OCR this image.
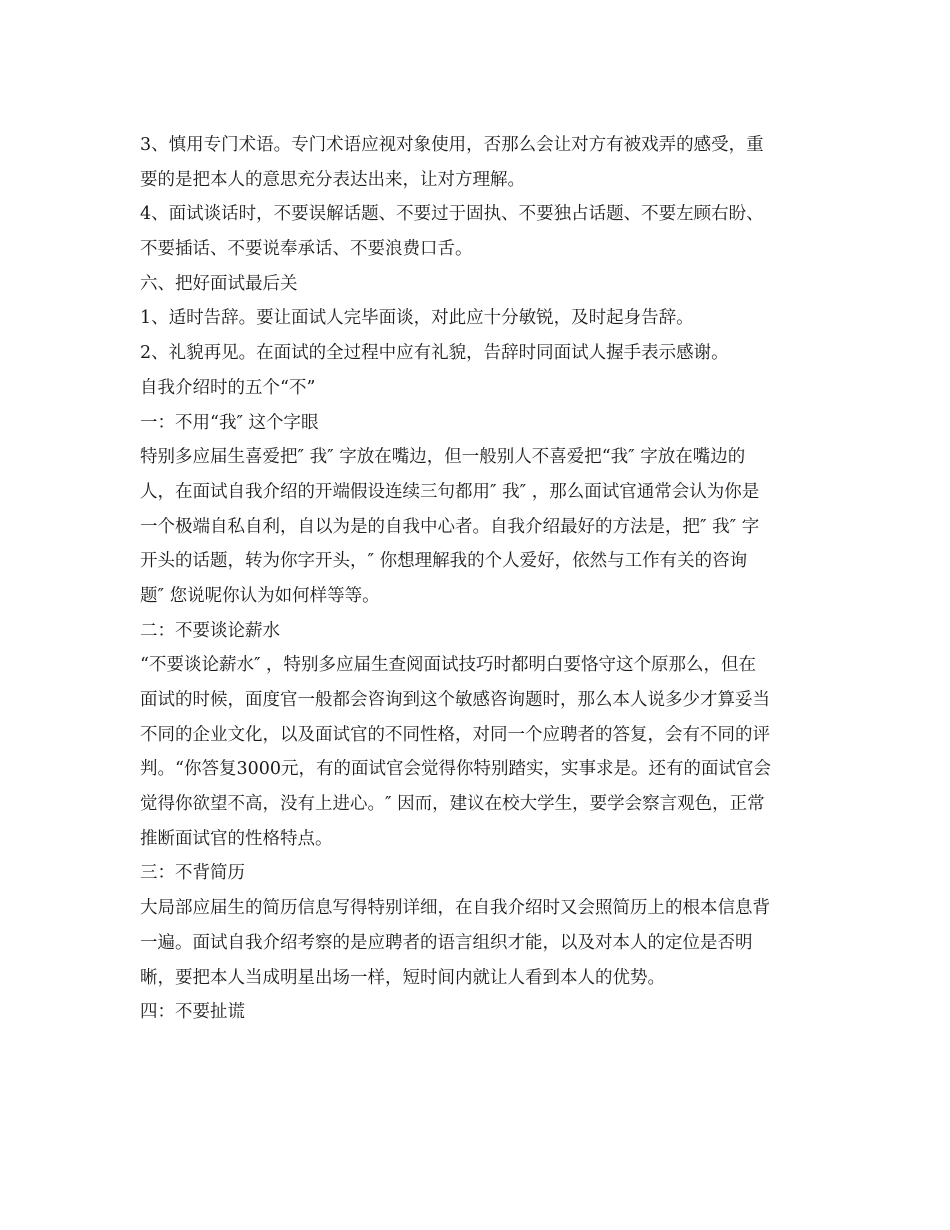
3、慎用专门术语。专门术语应视对象使用，否那么会让对方有被戏弄的感受，重
要的是把本人的意思充分表达出来，让对方理解。
4、面试谈话时，不要误解话题、不要过于固执、不要独占话题、不要左顾右盼、
不要插话、不要说奉承话、不要浪费口舌。
六、把好面试最后关
1、适时告辞。要让面试人完毕面谈，对此应十分敏锐，及时起身告辞。
2、礼貌再见。在面试的全过程中应有礼貌，告辞时同面试人握手表示感谢。
自我介绍时的五个“不”
一：不用“我″ 这个字眼
特别多应届生喜爱把″ 我″ 字放在嘴边，但一般别人不喜爱把“我″ 字放在嘴边的
人，在面试自我介绍的开端假设连续三句都用″ 我″ ，那么面试官通常会认为你是
一个极端自私自利，自以为是的自我中心者。自我介绍最好的方法是，把″ 我″ 字
开头的话题，转为你字开头，″ 你想理解我的个人爱好，依然与工作有关的咨询
题″ 您说呢你认为如何样等等。
二：不要谈论薪水
“不要谈论薪水″ ，特别多应届生查阅面试技巧时都明白要恪守这个原那么，但在
面试的时候，面度官一般都会咨询到这个敏感咨询题时，那么本人说多少才算妥当
不同的企业文化，以及面试官的不同性格，对同一个应聘者的答复，会有不同的评
判。“你答复3000元，有的面试官会觉得你特别踏实，实事求是。还有的面试官会
觉得你欲望不高，没有上进心。″ 因而，建议在校大学生，要学会察言观色，正常
推断面试官的性格特点。
三：不背简历
大局部应届生的简历信息写得特别详细，在自我介绍时又会照简历上的根本信息背
一遍。面试自我介绍考察的是应聘者的语言组织才能，以及对本人的定位是否明
晰，要把本人当成明星出场一样，短时间内就让人看到本人的优势。
四：不要扯谎
